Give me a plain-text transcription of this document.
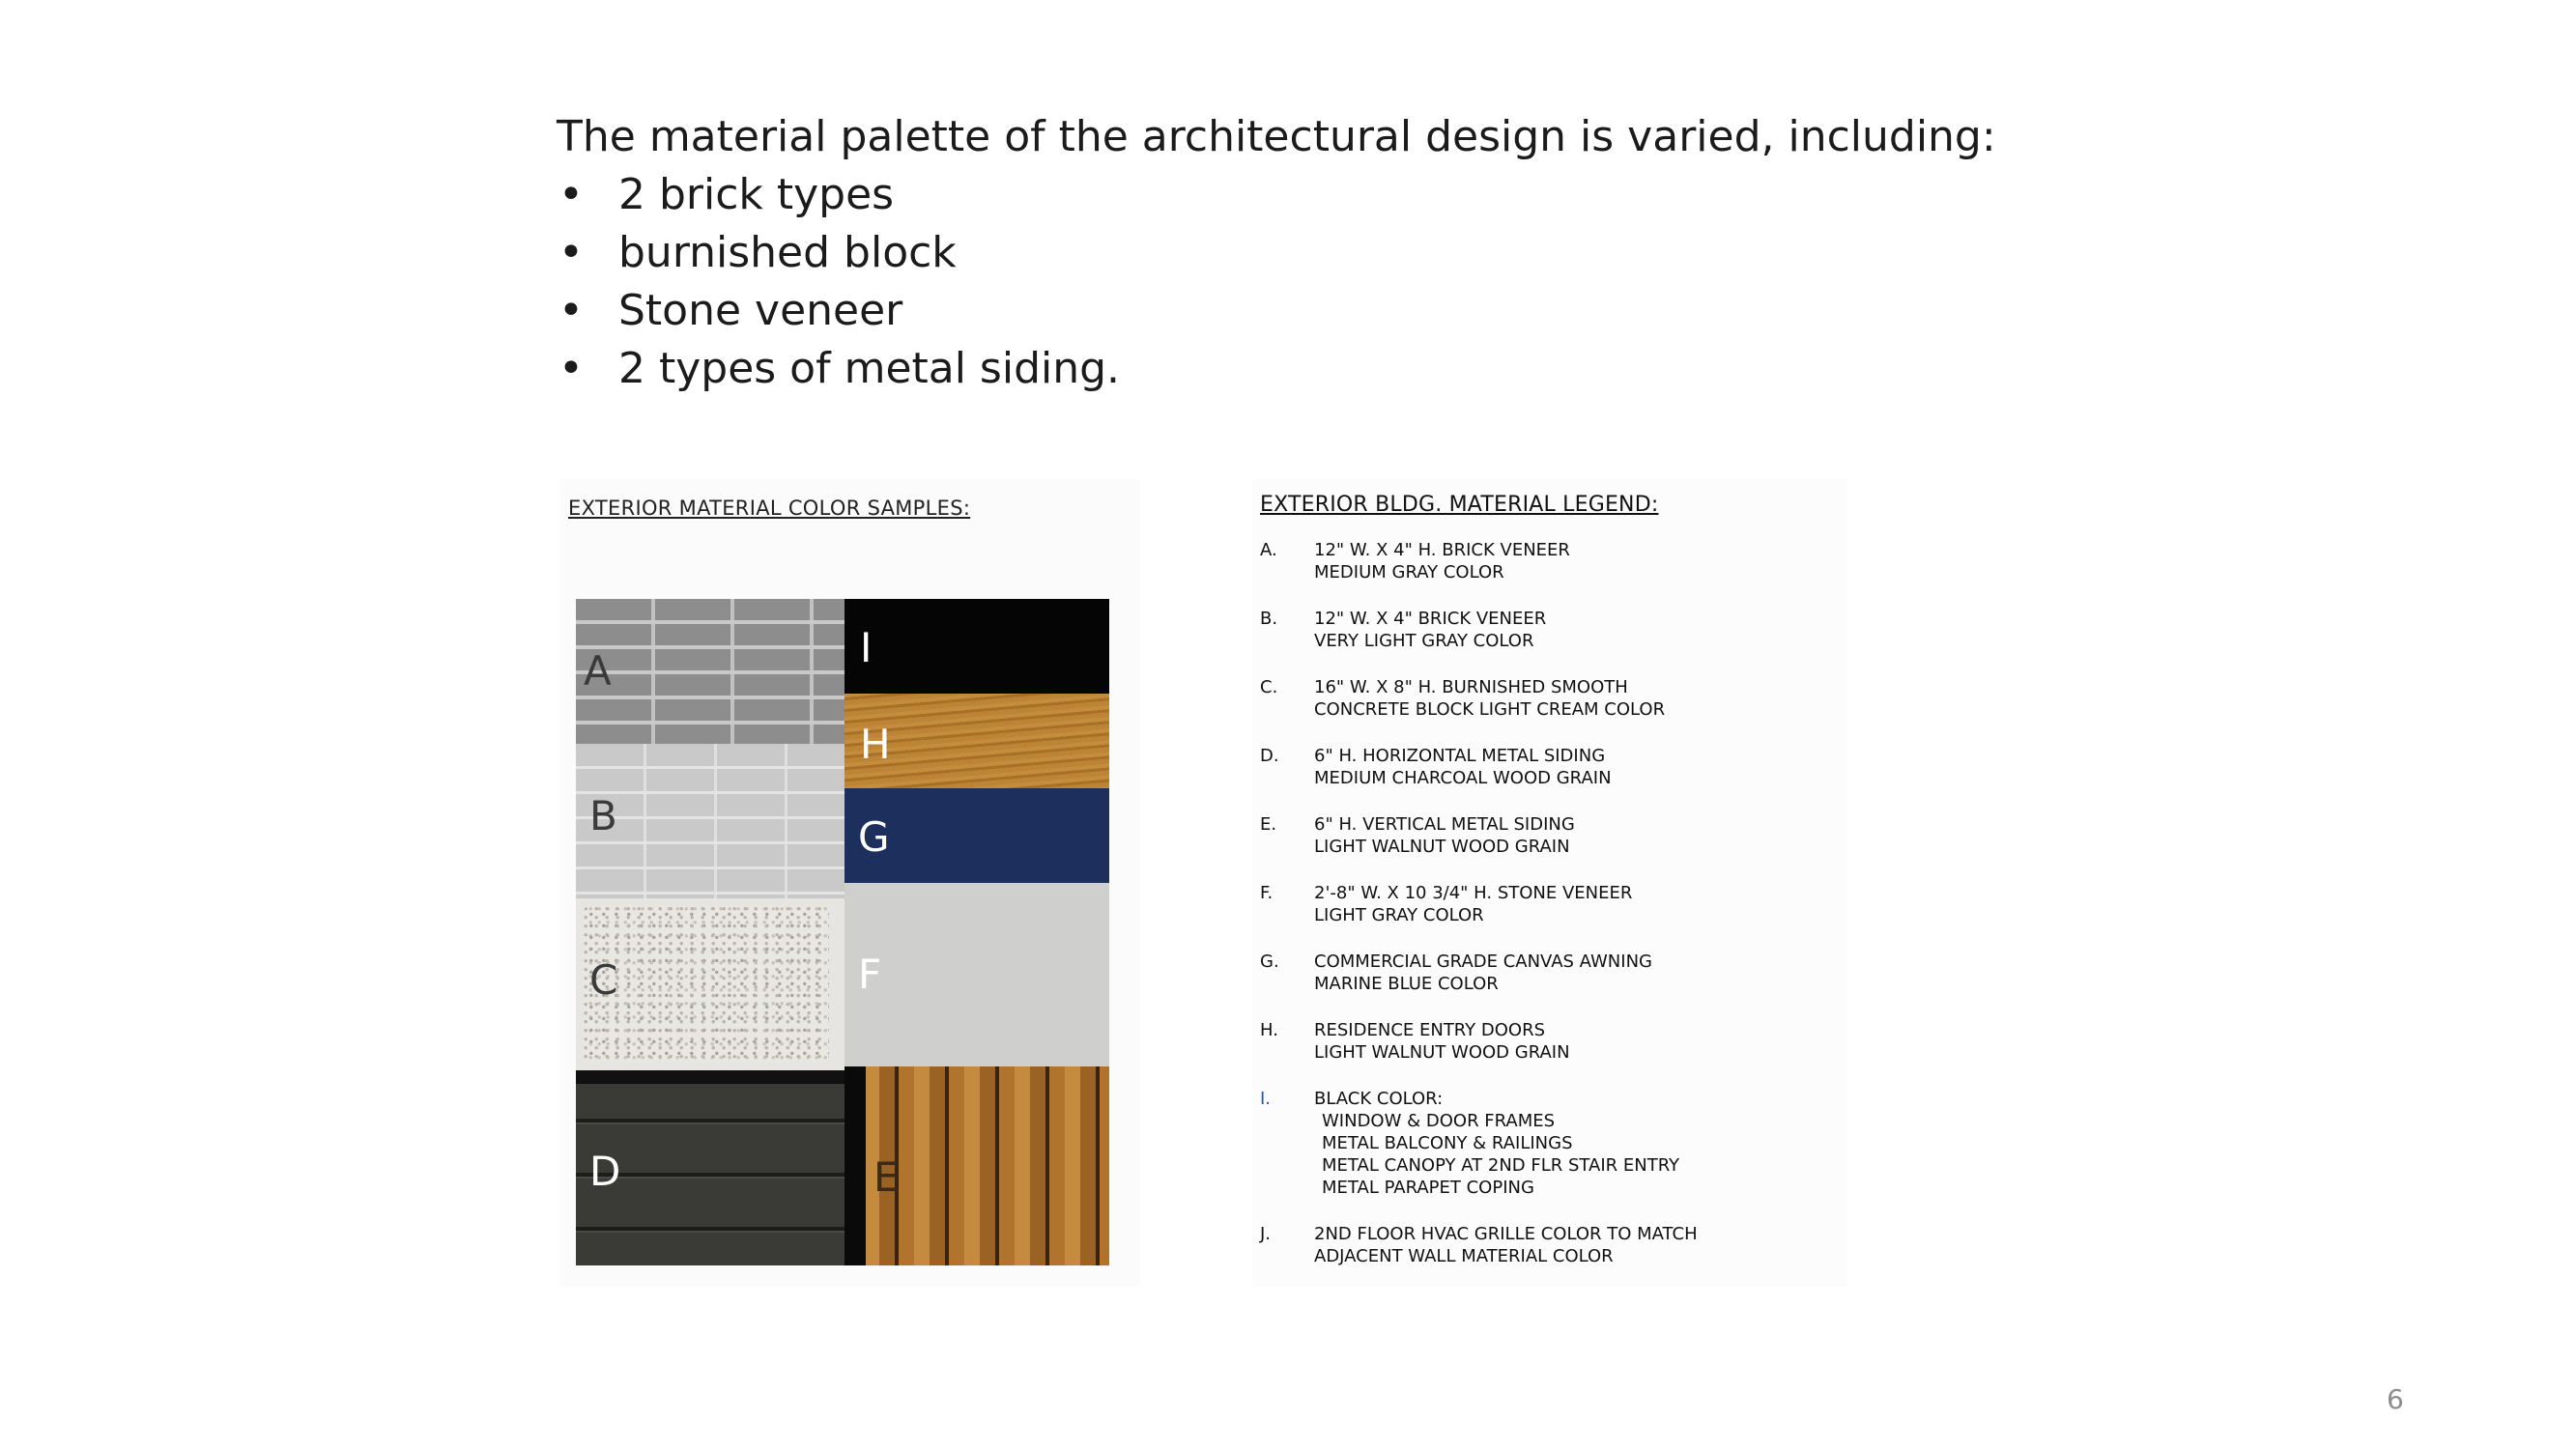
The material palette of the architectural design is varied, including:
• 2 brick types
• burnished block
• Stone veneer
• 2 types of metal siding.
EXTERIOR MATERIAL COLOR SAMPLES:
A
B
C
D
I
H
G
F
E
EXTERIOR BLDG. MATERIAL LEGEND:
A.	12" W. X 4" H. BRICK VENEER
MEDIUM GRAY COLOR
B.	12" W. X 4" BRICK VENEER
VERY LIGHT GRAY COLOR
C.	16" W. X 8" H. BURNISHED SMOOTH
CONCRETE BLOCK LIGHT CREAM COLOR
D.	6" H. HORIZONTAL METAL SIDING
MEDIUM CHARCOAL WOOD GRAIN
E.	6" H. VERTICAL METAL SIDING
LIGHT WALNUT WOOD GRAIN
F.	2'-8" W. X 10 3/4" H. STONE VENEER
LIGHT GRAY COLOR
G.	COMMERCIAL GRADE CANVAS AWNING
MARINE BLUE COLOR
H.	RESIDENCE ENTRY DOORS
LIGHT WALNUT WOOD GRAIN
I.	BLACK COLOR:
WINDOW & DOOR FRAMES
METAL BALCONY & RAILINGS
METAL CANOPY AT 2ND FLR STAIR ENTRY
METAL PARAPET COPING
J.	2ND FLOOR HVAC GRILLE COLOR TO MATCH
ADJACENT WALL MATERIAL COLOR
6
